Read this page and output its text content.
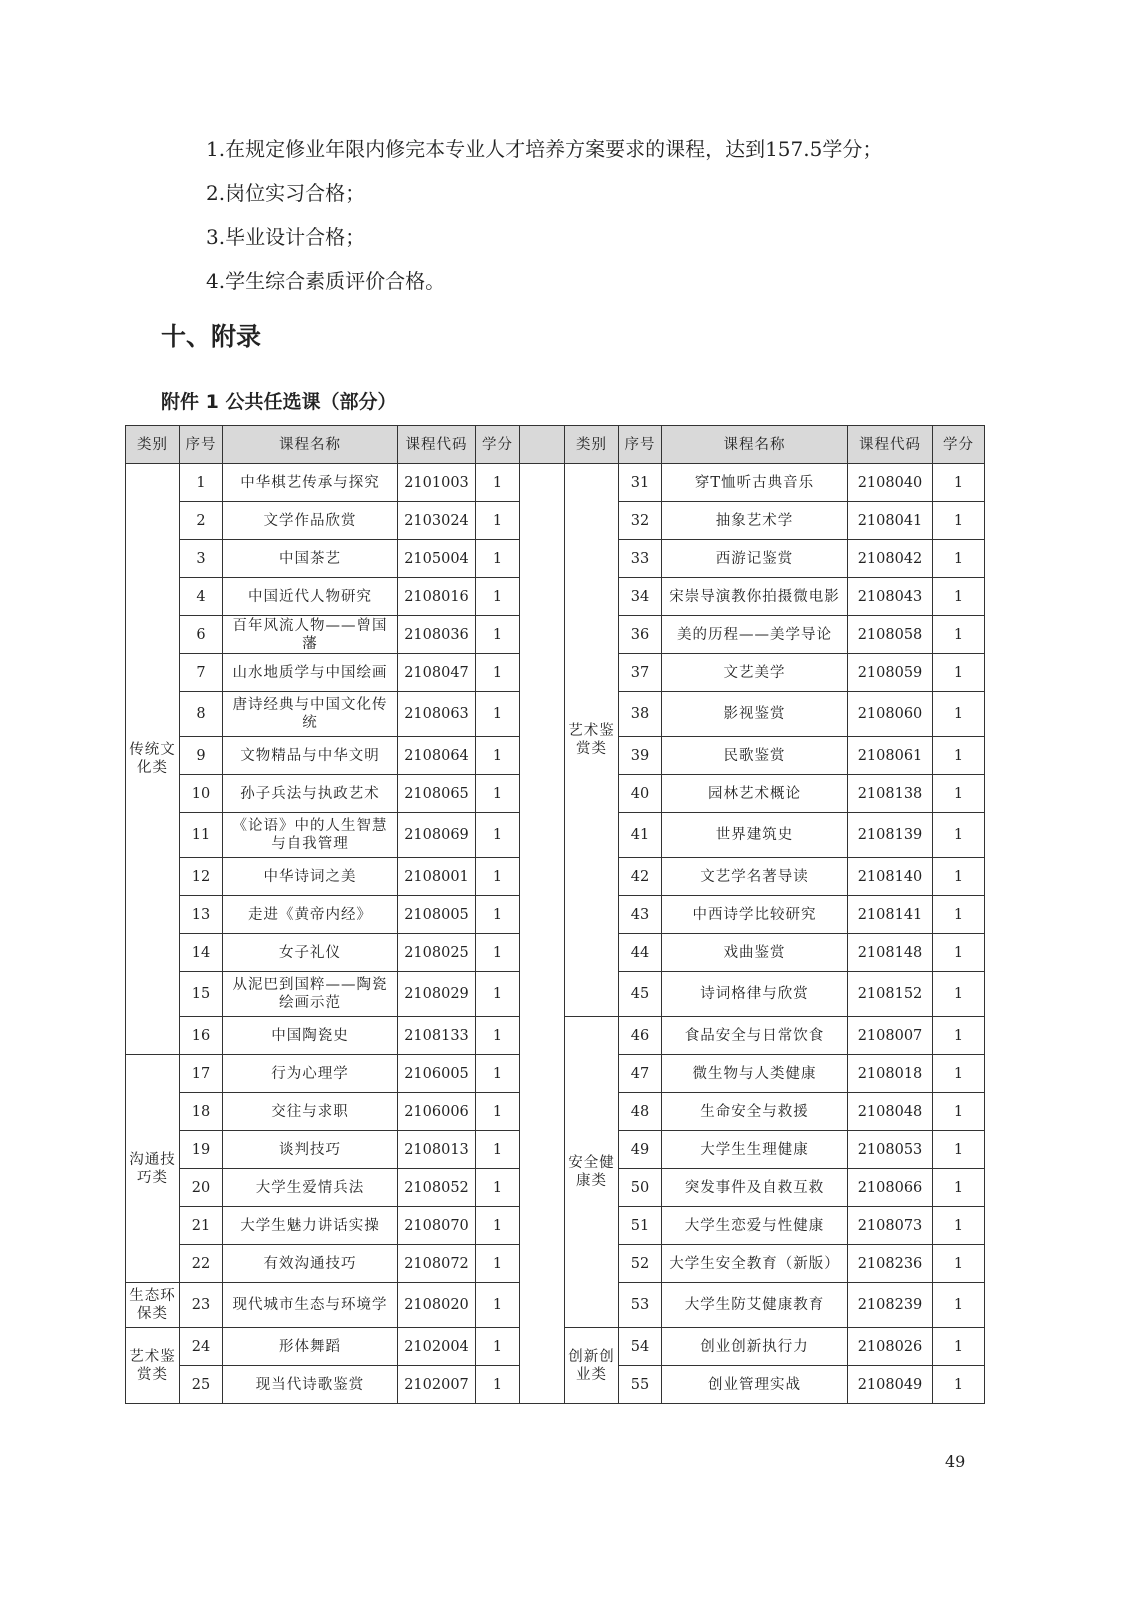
1.在规定修业年限内修完本专业人才培养方案要求的课程，达到157.5学分；
2.岗位实习合格；
3.毕业设计合格；
4.学生综合素质评价合格。
十、附录
附件 1 公共任选课（部分）
类别	序号	课程名称	课程代码	学分		类别	序号	课程名称	课程代码	学分
传统文化类	1	中华棋艺传承与探究	2101003	1		艺术鉴赏类	31	穿T恤听古典音乐	2108040	1
	2	文学作品欣赏	2103024	1			32	抽象艺术学	2108041	1
	3	中国茶艺	2105004	1			33	西游记鉴赏	2108042	1
	4	中国近代人物研究	2108016	1			34	宋崇导演教你拍摄微电影	2108043	1
	6	百年风流人物——曾国藩	2108036	1			36	美的历程——美学导论	2108058	1
	7	山水地质学与中国绘画	2108047	1			37	文艺美学	2108059	1
	8	唐诗经典与中国文化传统	2108063	1			38	影视鉴赏	2108060	1
	9	文物精品与中华文明	2108064	1			39	民歌鉴赏	2108061	1
	10	孙子兵法与执政艺术	2108065	1			40	园林艺术概论	2108138	1
	11	《论语》中的人生智慧与自我管理	2108069	1			41	世界建筑史	2108139	1
	12	中华诗词之美	2108001	1			42	文艺学名著导读	2108140	1
	13	走进《黄帝内经》	2108005	1			43	中西诗学比较研究	2108141	1
	14	女子礼仪	2108025	1			44	戏曲鉴赏	2108148	1
	15	从泥巴到国粹——陶瓷绘画示范	2108029	1			45	诗词格律与欣赏	2108152	1
	16	中国陶瓷史	2108133	1		安全健康类	46	食品安全与日常饮食	2108007	1
沟通技巧类	17	行为心理学	2106005	1			47	微生物与人类健康	2108018	1
	18	交往与求职	2106006	1			48	生命安全与救援	2108048	1
	19	谈判技巧	2108013	1			49	大学生生理健康	2108053	1
	20	大学生爱情兵法	2108052	1			50	突发事件及自救互救	2108066	1
	21	大学生魅力讲话实操	2108070	1			51	大学生恋爱与性健康	2108073	1
	22	有效沟通技巧	2108072	1			52	大学生安全教育（新版）	2108236	1
生态环保类	23	现代城市生态与环境学	2108020	1			53	大学生防艾健康教育	2108239	1
艺术鉴赏类	24	形体舞蹈	2102004	1		创新创业类	54	创业创新执行力	2108026	1
	25	现当代诗歌鉴赏	2102007	1			55	创业管理实战	2108049	1
49
